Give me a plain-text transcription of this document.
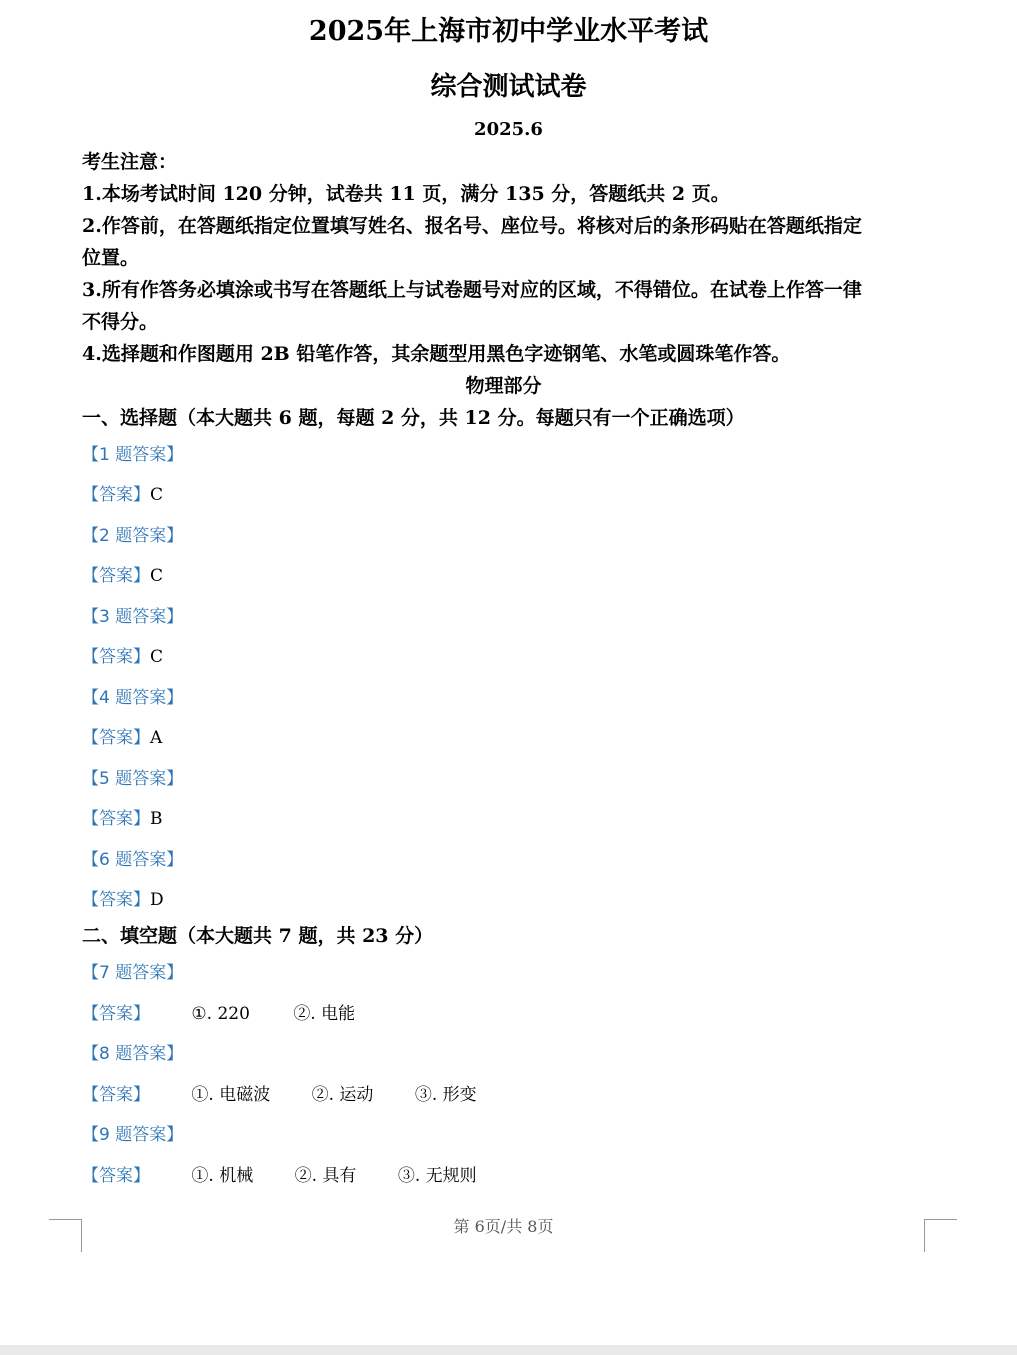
2025年上海市初中学业水平考试
综合测试试卷
2025.6
考生注意：
1.本场考试时间 120 分钟，试卷共 11 页，满分 135 分，答题纸共 2 页。
2.作答前，在答题纸指定位置填写姓名、报名号、座位号。将核对后的条形码贴在答题纸指定
位置。
3.所有作答务必填涂或书写在答题纸上与试卷题号对应的区域，不得错位。在试卷上作答一律
不得分。
4.选择题和作图题用 2B 铅笔作答，其余题型用黑色字迹钢笔、水笔或圆珠笔作答。
物理部分
一、选择题（本大题共 6 题，每题 2 分，共 12 分。每题只有一个正确选项）
【1 题答案】
【答案】C
【2 题答案】
【答案】C
【3 题答案】
【答案】C
【4 题答案】
【答案】A
【5 题答案】
【答案】B
【6 题答案】
【答案】D
二、填空题（本大题共 7 题，共 23 分）
【7 题答案】
【答案】 ①. 220	②. 电能
【8 题答案】
【答案】 ①. 电磁波 ②. 运动 ③. 形变
【9 题答案】
【答案】 ①. 机械 ②. 具有 ③. 无规则
第 6页/共 8页
